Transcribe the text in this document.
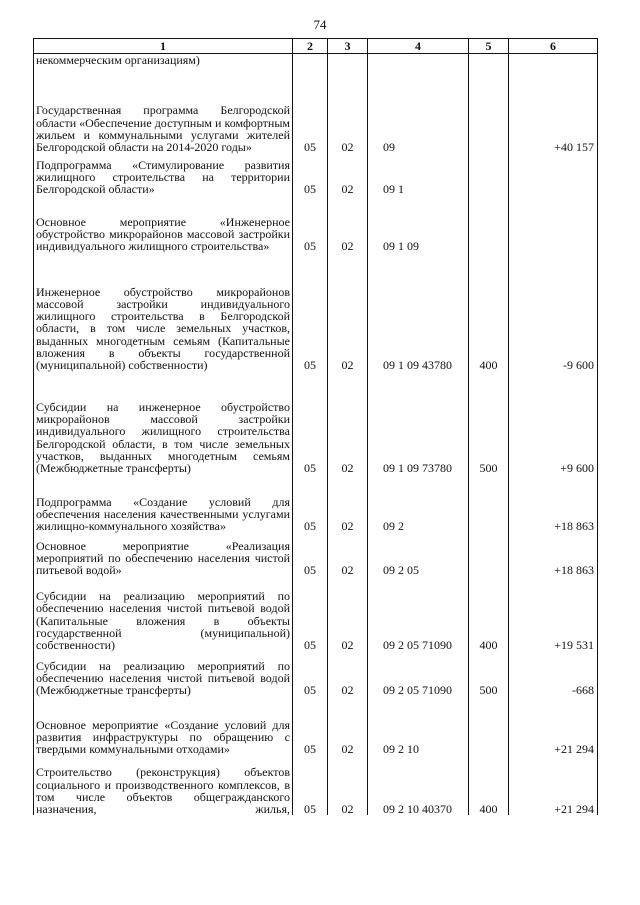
74
1	2	3	4	5	6
некоммерческим организациям)					
Государственная программа Белгородской области «Обеспечение доступным и комфортным жильем и коммунальными услугами жителей Белгородской области на 2014-2020 годы»	05	02	09		+40 157
Подпрограмма «Стимулирование развития жилищного строительства на территории Белгородской области»	05	02	09 1		
Основное мероприятие «Инженерное обустройство микрорайонов массовой застройки индивидуального жилищного строительства»	05	02	09 1 09		
Инженерное обустройство микрорайонов массовой застройки индивидуального жилищного строительства в Белгородской области, в том числе земельных участков, выданных многодетным семьям (Капитальные вложения в объекты государственной (муниципальной) собственности)	05	02	09 1 09 43780	400	-9 600
Субсидии на инженерное обустройство микрорайонов массовой застройки индивидуального жилищного строительства Белгородской области, в том числе земельных участков, выданных многодетным семьям (Межбюджетные трансферты)	05	02	09 1 09 73780	500	+9 600
Подпрограмма «Создание условий для обеспечения населения качественными услугами жилищно-коммунального хозяйства»	05	02	09 2		+18 863
Основное мероприятие «Реализация мероприятий по обеспечению населения чистой питьевой водой»	05	02	09 2 05		+18 863
Субсидии на реализацию мероприятий по обеспечению населения чистой питьевой водой (Капитальные вложения в объекты государственной (муниципальной) собственности)	05	02	09 2 05 71090	400	+19 531
Субсидии на реализацию мероприятий по обеспечению населения чистой питьевой водой (Межбюджетные трансферты)	05	02	09 2 05 71090	500	-668
Основное мероприятие «Создание условий для развития инфраструктуры по обращению с твердыми коммунальными отходами»	05	02	09 2 10		+21 294
Строительство (реконструкция) объектов социального и производственного комплексов, в том числе объектов общегражданского назначения, жилья,	05	02	09 2 10 40370	400	+21 294
